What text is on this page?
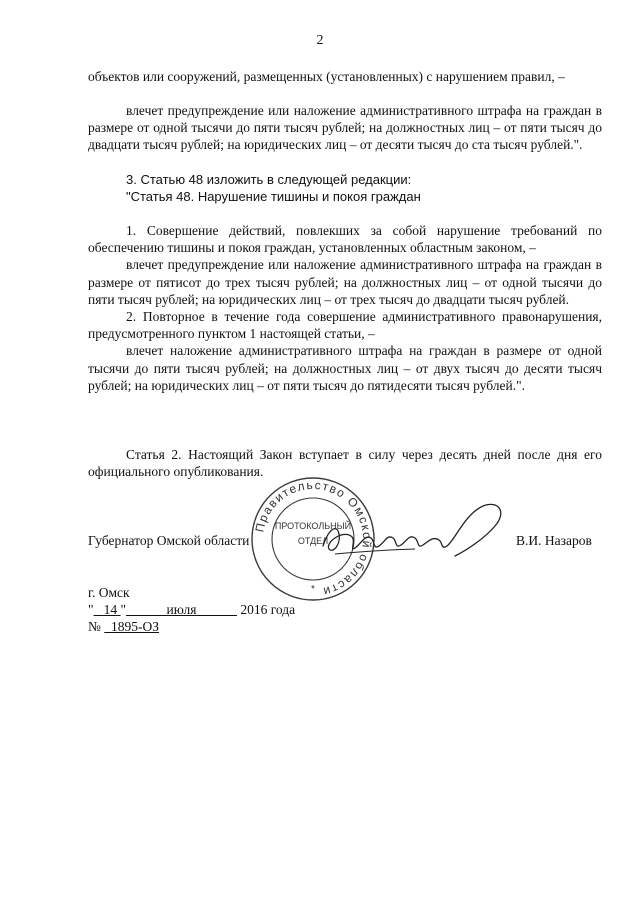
2

объектов или сооружений, размещенных (установленных) с нарушением правил, –

влечет предупреждение или наложение административного штрафа на граждан в размере от одной тысячи до пяти тысяч рублей; на должностных лиц – от пяти тысяч до двадцати тысяч рублей; на юридических лиц – от десяти тысяч до ста тысяч рублей.".

3. Статью 48 изложить в следующей редакции:

"Статья 48. Нарушение тишины и покоя граждан

1. Совершение действий, повлекших за собой нарушение требований по обеспечению тишины и покоя граждан, установленных областным законом, –

влечет предупреждение или наложение административного штрафа на граждан в размере от пятисот до трех тысяч рублей; на должностных лиц – от одной тысячи до пяти тысяч рублей; на юридических лиц – от трех тысяч до двадцати тысяч рублей.

2. Повторное в течение года совершение административного правонарушения, предусмотренного пунктом 1 настоящей статьи, –

влечет наложение административного штрафа на граждан в размере от одной тысячи до пяти тысяч рублей; на должностных лиц – от двух тысяч до десяти тысяч рублей; на юридических лиц – от пяти тысяч до пятидесяти тысяч рублей.".

Статья 2. Настоящий Закон вступает в силу через десять дней после дня его официального опубликования.

Губернатор Омской области
Правительство Омской области
ПРОТОКОЛЬНЫЙ
ОТДЕЛ
*
В.И. Назаров
г. Омск
" 14 "	июля	2016 года
№ 1895-ОЗ
